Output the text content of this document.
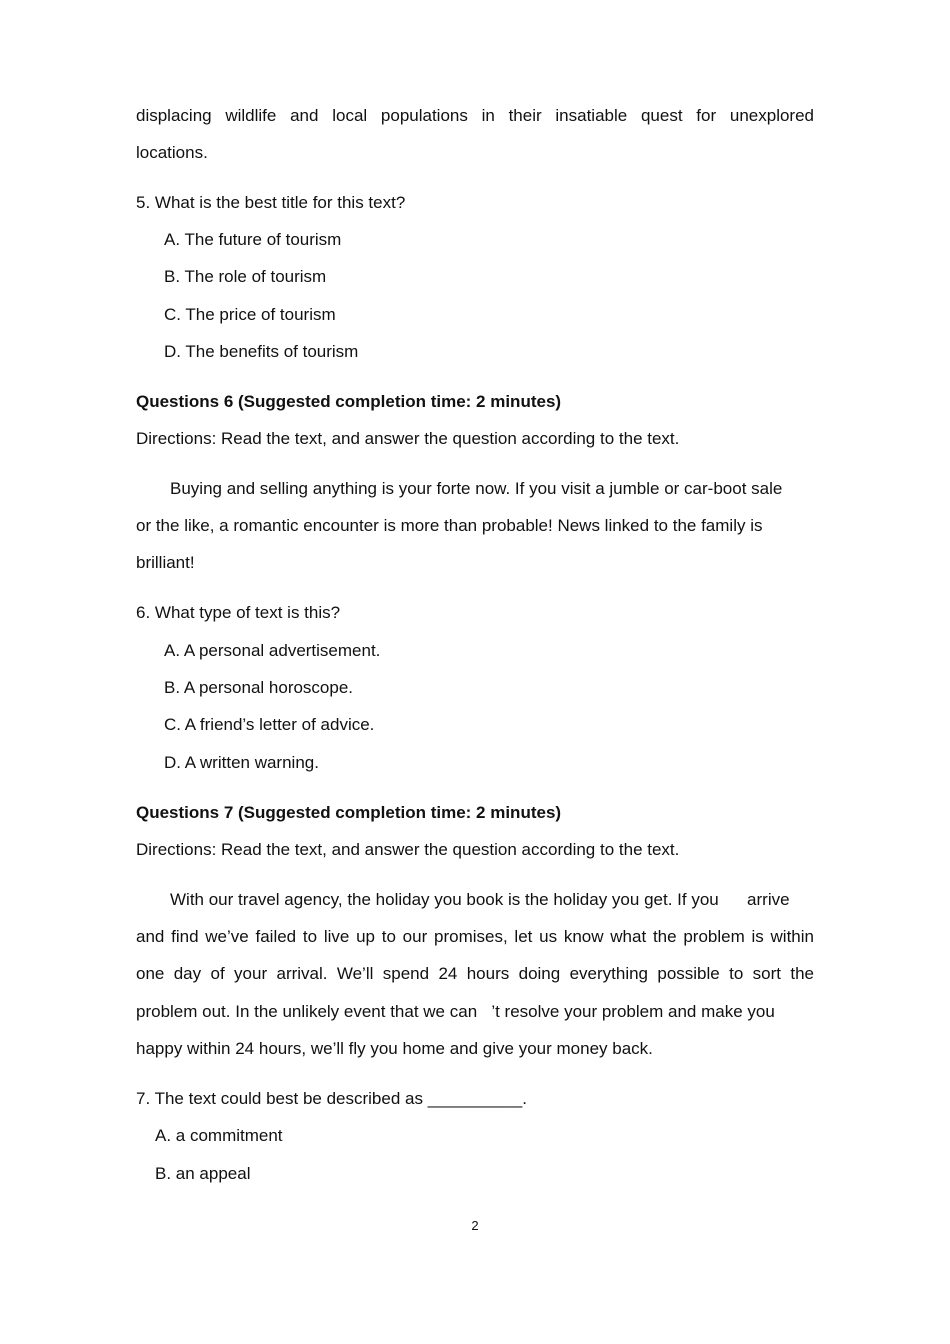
displacing wildlife and local populations in their insatiable quest for unexplored
locations.
5. What is the best title for this text?
A. The future of tourism
B. The role of tourism
C. The price of tourism
D. The benefits of tourism
Questions 6 (Suggested completion time: 2 minutes)
Directions: Read the text, and answer the question according to the text.
Buying and selling anything is your forte now. If you visit a jumble or car-boot sale
or the like, a romantic encounter is more than probable! News linked to the family is
brilliant!
6. What type of text is this?
A. A personal advertisement.
B. A personal horoscope.
C. A friend’s letter of advice.
D. A written warning.
Questions 7 (Suggested completion time: 2 minutes)
Directions: Read the text, and answer the question according to the text.
With our travel agency, the holiday you book is the holiday you get. If you      arrive
and find we’ve failed to live up to our promises, let us know what the problem is within
one day of your arrival. We’ll spend 24 hours doing everything possible to sort the
problem out. In the unlikely event that we can   ’t resolve your problem and make you
happy within 24 hours, we’ll fly you home and give your money back.
7. The text could best be described as __________.
A. a commitment
B. an appeal
2
